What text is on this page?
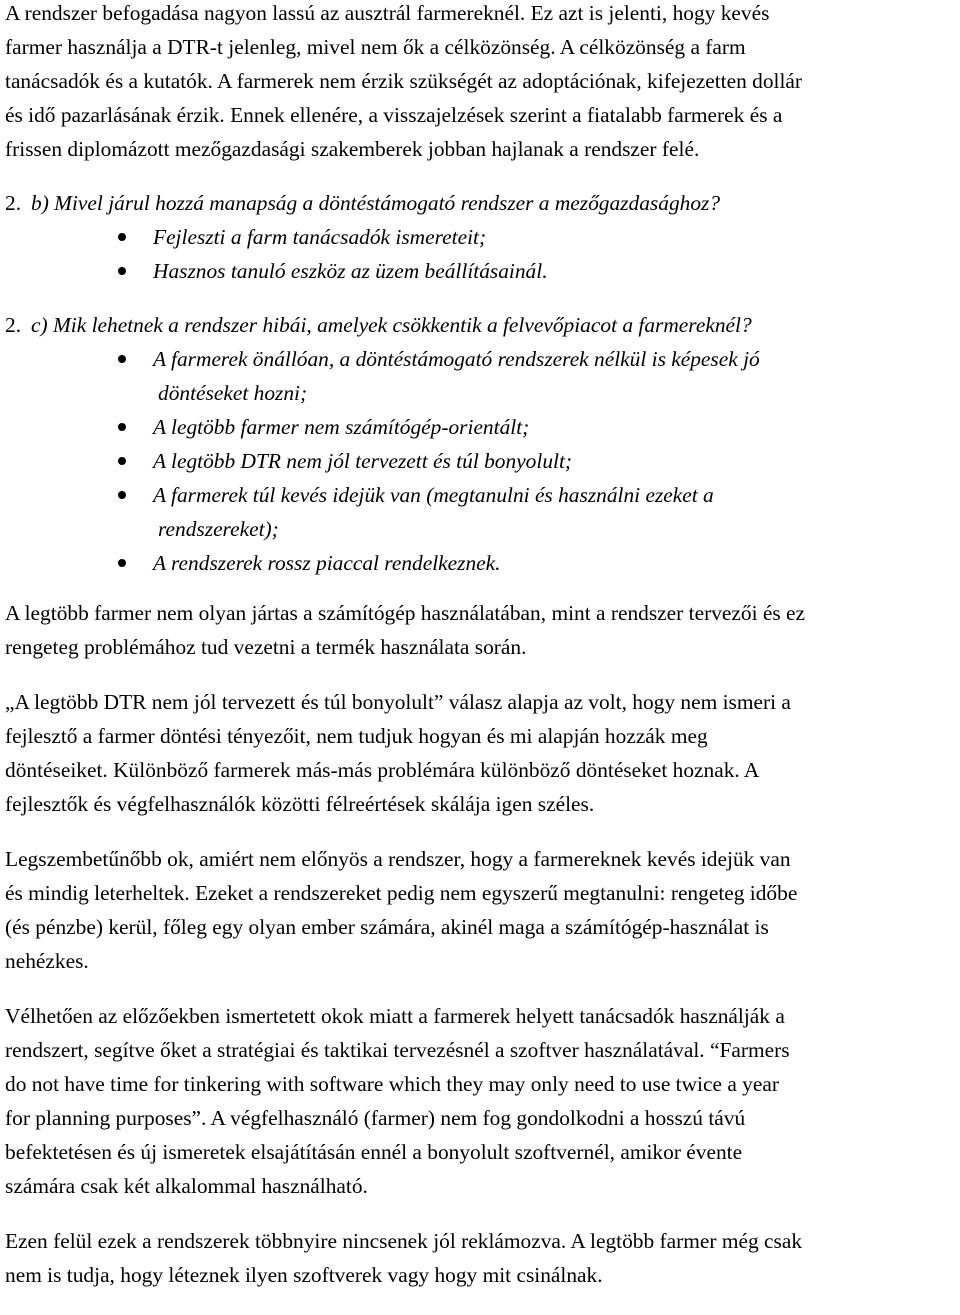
A rendszer befogadása nagyon lassú az ausztrál farmereknél. Ez azt is jelenti, hogy kevés
farmer használja a DTR-t jelenleg, mivel nem ők a célközönség. A célközönség a farm
tanácsadók és a kutatók. A farmerek nem érzik szükségét az adoptációnak, kifejezetten dollár
és idő pazarlásának érzik. Ennek ellenére, a visszajelzések szerint a fiatalabb farmerek és a
frissen diplomázott mezőgazdasági szakemberek jobban hajlanak a rendszer felé.
2. b) Mivel járul hozzá manapság a döntéstámogató rendszer a mezőgazdasághoz?
Fejleszti a farm tanácsadók ismereteit;
Hasznos tanuló eszköz az üzem beállításainál.
2. c) Mik lehetnek a rendszer hibái, amelyek csökkentik a felvevőpiacot a farmereknél?
A farmerek önállóan, a döntéstámogató rendszerek nélkül is képesek jó
döntéseket hozni;
A legtöbb farmer nem számítógép-orientált;
A legtöbb DTR nem jól tervezett és túl bonyolult;
A farmerek túl kevés idejük van (megtanulni és használni ezeket a
rendszereket);
A rendszerek rossz piaccal rendelkeznek.
A legtöbb farmer nem olyan jártas a számítógép használatában, mint a rendszer tervezői és ez
rengeteg problémához tud vezetni a termék használata során.
„A legtöbb DTR nem jól tervezett és túl bonyolult” válasz alapja az volt, hogy nem ismeri a
fejlesztő a farmer döntési tényezőit, nem tudjuk hogyan és mi alapján hozzák meg
döntéseiket. Különböző farmerek más-más problémára különböző döntéseket hoznak. A
fejlesztők és végfelhasználók közötti félreértések skálája igen széles.
Legszembetűnőbb ok, amiért nem előnyös a rendszer, hogy a farmereknek kevés idejük van
és mindig leterheltek. Ezeket a rendszereket pedig nem egyszerű megtanulni: rengeteg időbe
(és pénzbe) kerül, főleg egy olyan ember számára, akinél maga a számítógép-használat is
nehézkes.
Vélhetően az előzőekben ismertetett okok miatt a farmerek helyett tanácsadók használják a
rendszert, segítve őket a stratégiai és taktikai tervezésnél a szoftver használatával. “Farmers
do not have time for tinkering with software which they may only need to use twice a year
for planning purposes”. A végfelhasználó (farmer) nem fog gondolkodni a hosszú távú
befektetésen és új ismeretek elsajátításán ennél a bonyolult szoftvernél, amikor évente
számára csak két alkalommal használható.
Ezen felül ezek a rendszerek többnyire nincsenek jól reklámozva. A legtöbb farmer még csak
nem is tudja, hogy léteznek ilyen szoftverek vagy hogy mit csinálnak.
